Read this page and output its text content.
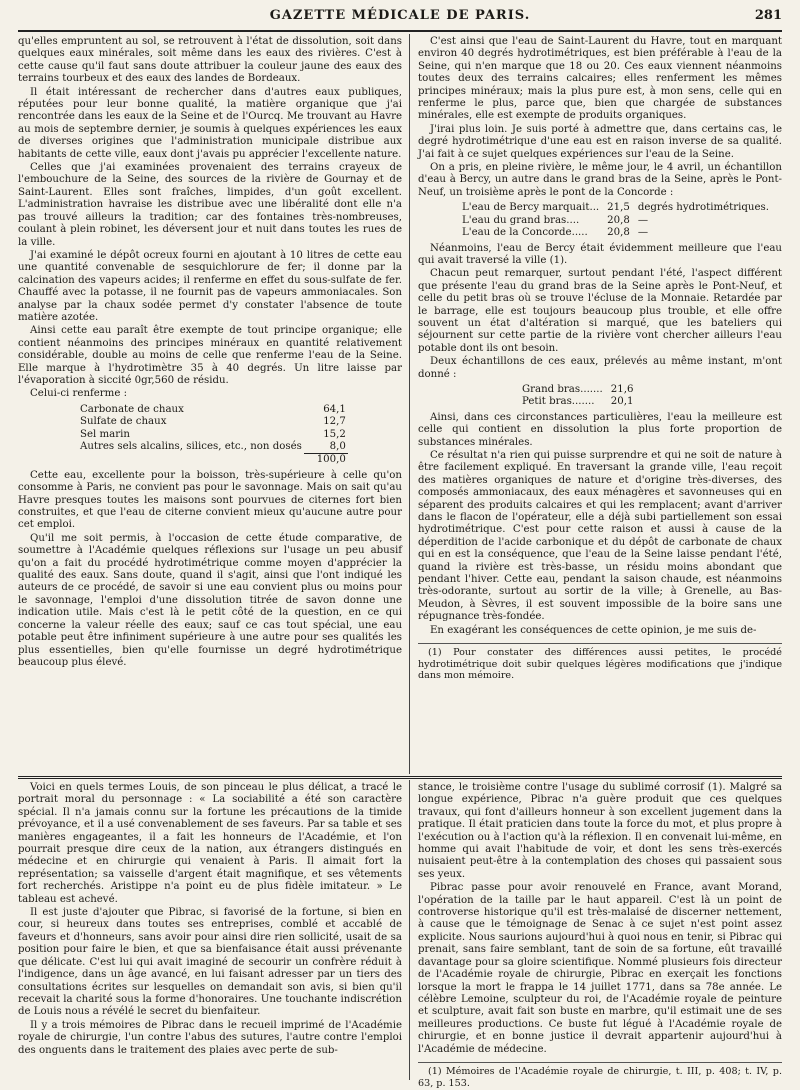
GAZETTE MÉDICALE DE PARIS.	281

qu'elles empruntent au sol, se retrouvent à l'état de dissolution, soit dans quelques eaux minérales, soit même dans les eaux des rivières. C'est à cette cause qu'il faut sans doute attribuer la couleur jaune des eaux des terrains tourbeux et des eaux des landes de Bordeaux.

Il était intéressant de rechercher dans d'autres eaux publiques, réputées pour leur bonne qualité, la matière organique que j'ai rencontrée dans les eaux de la Seine et de l'Ourcq. Me trouvant au Havre au mois de septembre dernier, je soumis à quelques expériences les eaux de diverses origines que l'administration municipale distribue aux habitants de cette ville, eaux dont j'avais pu apprécier l'excellente nature.

Celles que j'ai examinées provenaient des terrains crayeux de l'embouchure de la Seine, des sources de la rivière de Gournay et de Saint-Laurent. Elles sont fraîches, limpides, d'un goût excellent. L'administration havraise les distribue avec une libéralité dont elle n'a pas trouvé ailleurs la tradition; car des fontaines très-nombreuses, coulant à plein robinet, les déversent jour et nuit dans toutes les rues de la ville.

J'ai examiné le dépôt ocreux fourni en ajoutant à 10 litres de cette eau une quantité convenable de sesquichlorure de fer; il donne par la calcination des vapeurs acides; il renferme en effet du sous-sulfate de fer. Chauffé avec la potasse, il ne fournit pas de vapeurs ammoniacales. Son analyse par la chaux sodée permet d'y constater l'absence de toute matière azotée.

Ainsi cette eau paraît être exempte de tout principe organique; elle contient néanmoins des principes minéraux en quantité relativement considérable, double au moins de celle que renferme l'eau de la Seine. Elle marque à l'hydrotimètre 35 à 40 degrés. Un litre laisse par l'évaporation à siccité 0gr,560 de résidu.

Celui-ci renferme :

Carbonate de chaux	64,1
Sulfate de chaux	12,7
Sel marin	15,2
Autres sels alcalins, silices, etc., non dosés	8,0
	100,0

Cette eau, excellente pour la boisson, très-supérieure à celle qu'on consomme à Paris, ne convient pas pour le savonnage. Mais on sait qu'au Havre presques toutes les maisons sont pourvues de citernes fort bien construites, et que l'eau de citerne convient mieux qu'aucune autre pour cet emploi.

Qu'il me soit permis, à l'occasion de cette étude comparative, de soumettre à l'Académie quelques réflexions sur l'usage un peu abusif qu'on a fait du procédé hydrotimétrique comme moyen d'apprécier la qualité des eaux. Sans doute, quand il s'agit, ainsi que l'ont indiqué les auteurs de ce procédé, de savoir si une eau convient plus ou moins pour le savonnage, l'emploi d'une dissolution titrée de savon donne une indication utile. Mais c'est là le petit côté de la question, en ce qui concerne la valeur réelle des eaux; sauf ce cas tout spécial, une eau potable peut être infiniment supérieure à une autre pour ses qualités les plus essentielles, bien qu'elle fournisse un degré hydrotimétrique beaucoup plus élevé.

C'est ainsi que l'eau de Saint-Laurent du Havre, tout en marquant environ 40 degrés hydrotimétriques, est bien préférable à l'eau de la Seine, qui n'en marque que 18 ou 20. Ces eaux viennent néanmoins toutes deux des terrains calcaires; elles renferment les mêmes principes minéraux; mais la plus pure est, à mon sens, celle qui en renferme le plus, parce que, bien que chargée de substances minérales, elle est exempte de produits organiques.

J'irai plus loin. Je suis porté à admettre que, dans certains cas, le degré hydrotimétrique d'une eau est en raison inverse de sa qualité. J'ai fait à ce sujet quelques expériences sur l'eau de la Seine.

On a pris, en pleine rivière, le même jour, le 4 avril, un échantillon d'eau à Bercy, un autre dans le grand bras de la Seine, après le Pont-Neuf, un troisième après le pont de la Concorde :

L'eau de Bercy marquait...	21,5	degrés hydrotimétriques.
L'eau du grand bras....	20,8	—
L'eau de la Concorde.....	20,8	—

Néanmoins, l'eau de Bercy était évidemment meilleure que l'eau qui avait traversé la ville (1).

Chacun peut remarquer, surtout pendant l'été, l'aspect différent que présente l'eau du grand bras de la Seine après le Pont-Neuf, et celle du petit bras où se trouve l'écluse de la Monnaie. Retardée par le barrage, elle est toujours beaucoup plus trouble, et elle offre souvent un état d'altération si marqué, que les bateliers qui séjournent sur cette partie de la rivière vont chercher ailleurs l'eau potable dont ils ont besoin.

Deux échantillons de ces eaux, prélevés au même instant, m'ont donné :

Grand bras.......	21,6
Petit bras.......	20,1

Ainsi, dans ces circonstances particulières, l'eau la meilleure est celle qui contient en dissolution la plus forte proportion de substances minérales.

Ce résultat n'a rien qui puisse surprendre et qui ne soit de nature à être facilement expliqué. En traversant la grande ville, l'eau reçoit des matières organiques de nature et d'origine très-diverses, des composés ammoniacaux, des eaux ménagères et savonneuses qui en séparent des produits calcaires et qui les remplacent; avant d'arriver dans le flacon de l'opérateur, elle a déjà subi partiellement son essai hydrotimétrique. C'est pour cette raison et aussi à cause de la déperdition de l'acide carbonique et du dépôt de carbonate de chaux qui en est la conséquence, que l'eau de la Seine laisse pendant l'été, quand la rivière est très-basse, un résidu moins abondant que pendant l'hiver. Cette eau, pendant la saison chaude, est néanmoins très-odorante, surtout au sortir de la ville; à Grenelle, au Bas-Meudon, à Sèvres, il est souvent impossible de la boire sans une répugnance très-fondée.

En exagérant les conséquences de cette opinion, je me suis de-

(1) Pour constater des différences aussi petites, le procédé hydrotimétrique doit subir quelques légères modifications que j'indique dans mon mémoire.

Voici en quels termes Louis, de son pinceau le plus délicat, a tracé le portrait moral du personnage : « La sociabilité a été son caractère spécial. Il n'a jamais connu sur la fortune les précautions de la timide prévoyance, et il a usé convenablement de ses faveurs. Par sa table et ses manières engageantes, il a fait les honneurs de l'Académie, et l'on pourrait presque dire ceux de la nation, aux étrangers distingués en médecine et en chirurgie qui venaient à Paris. Il aimait fort la représentation; sa vaisselle d'argent était magnifique, et ses vêtements fort recherchés. Aristippe n'a point eu de plus fidèle imitateur. » Le tableau est achevé.

Il est juste d'ajouter que Pibrac, si favorisé de la fortune, si bien en cour, si heureux dans toutes ses entreprises, comblé et accablé de faveurs et d'honneurs, sans avoir pour ainsi dire rien sollicité, usait de sa position pour faire le bien, et que sa bienfaisance était aussi prévenante que délicate. C'est lui qui avait imaginé de secourir un confrère réduit à l'indigence, dans un âge avancé, en lui faisant adresser par un tiers des consultations écrites sur lesquelles on demandait son avis, si bien qu'il recevait la charité sous la forme d'honoraires. Une touchante indiscrétion de Louis nous a révélé le secret du bienfaiteur.

Il y a trois mémoires de Pibrac dans le recueil imprimé de l'Académie royale de chirurgie, l'un contre l'abus des sutures, l'autre contre l'emploi des onguents dans le traitement des plaies avec perte de sub-

stance, le troisième contre l'usage du sublimé corrosif (1). Malgré sa longue expérience, Pibrac n'a guère produit que ces quelques travaux, qui font d'ailleurs honneur à son excellent jugement dans la pratique. Il était praticien dans toute la force du mot, et plus propre à l'exécution ou à l'action qu'à la réflexion. Il en convenait lui-même, en homme qui avait l'habitude de voir, et dont les sens très-exercés nuisaient peut-être à la contemplation des choses qui passaient sous ses yeux.

Pibrac passe pour avoir renouvelé en France, avant Morand, l'opération de la taille par le haut appareil. C'est là un point de controverse historique qu'il est très-malaisé de discerner nettement, à cause que le témoignage de Senac à ce sujet n'est point assez explicite. Nous saurions aujourd'hui à quoi nous en tenir, si Pibrac qui prenait, sans faire semblant, tant de soin de sa fortune, eût travaillé davantage pour sa gloire scientifique. Nommé plusieurs fois directeur de l'Académie royale de chirurgie, Pibrac en exerçait les fonctions lorsque la mort le frappa le 14 juillet 1771, dans sa 78e année. Le célèbre Lemoine, sculpteur du roi, de l'Académie royale de peinture et sculpture, avait fait son buste en marbre, qu'il estimait une de ses meilleures productions. Ce buste fut légué à l'Académie royale de chirurgie, et en bonne justice il devrait appartenir aujourd'hui à l'Académie de médecine.

(1) Mémoires de l'Académie royale de chirurgie, t. III, p. 408; t. IV, p. 63, p. 153.
